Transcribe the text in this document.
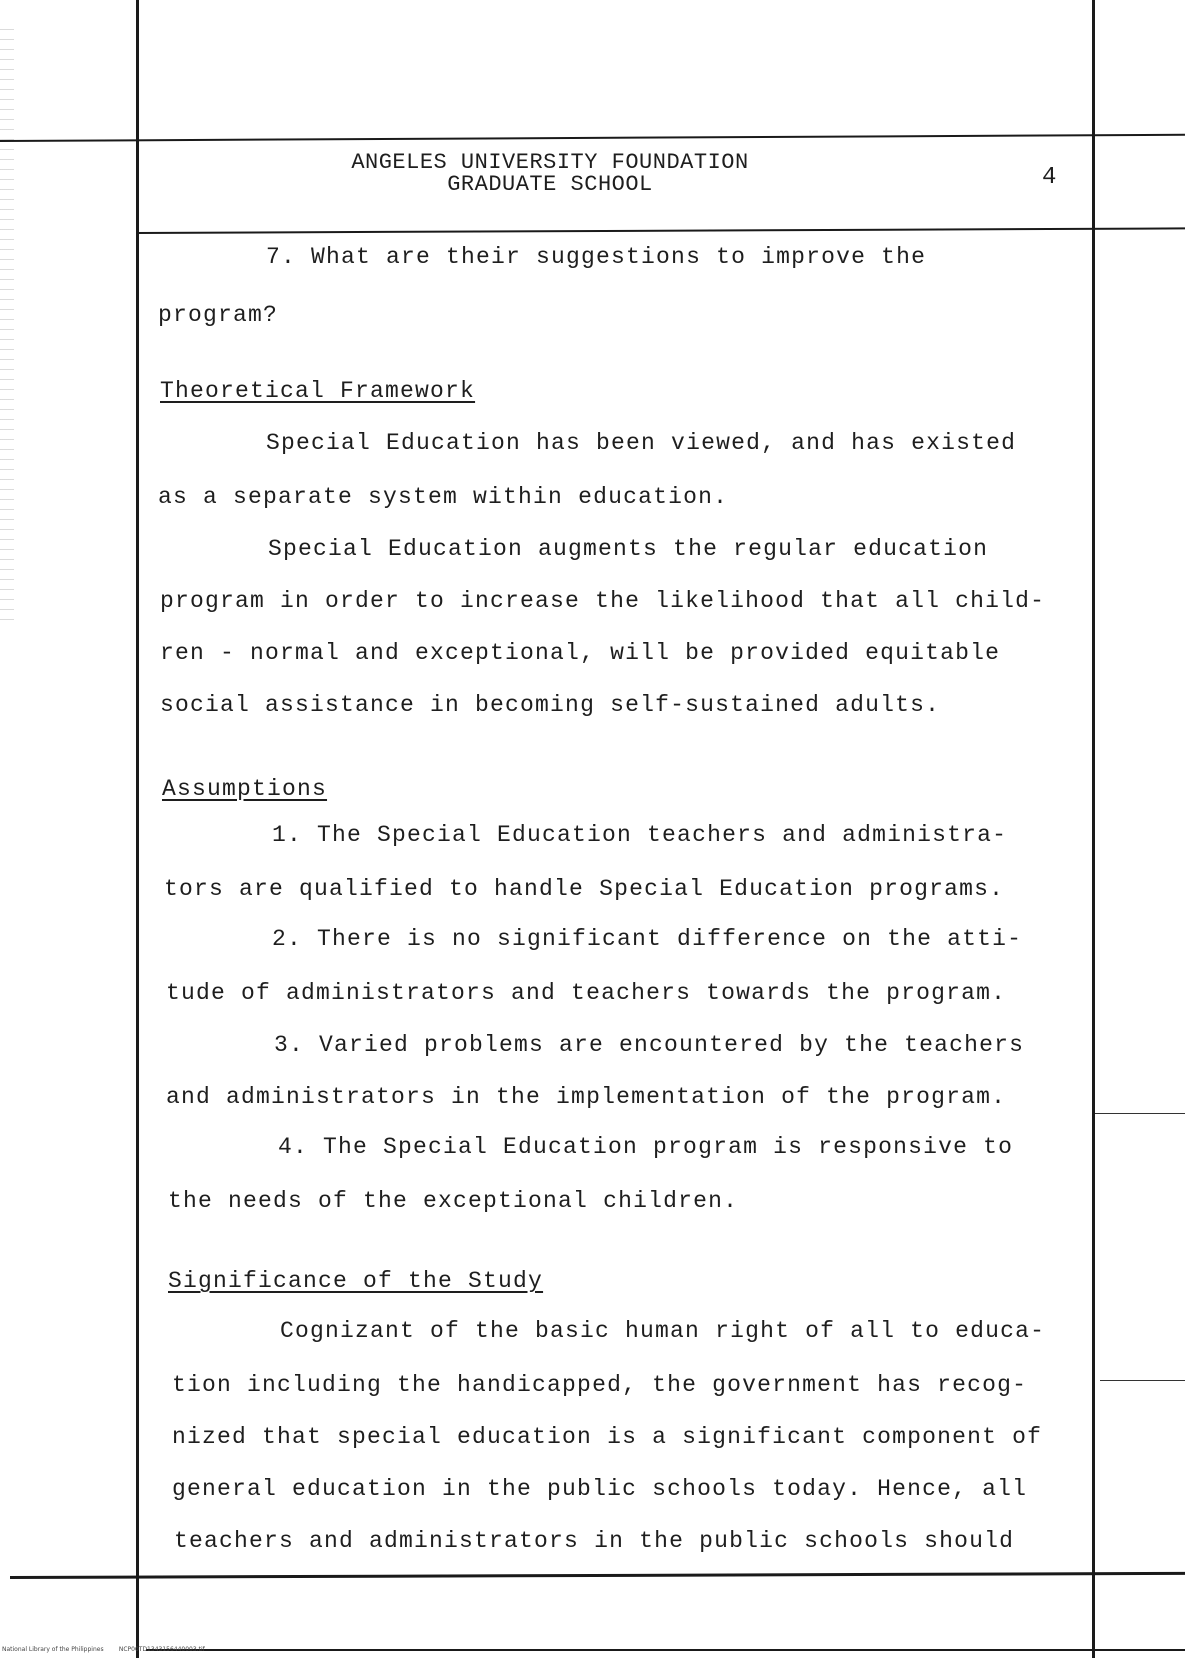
ANGELES UNIVERSITY FOUNDATION
GRADUATE SCHOOL	4
7. What are their suggestions to improve the
program?
Theoretical Framework
Special Education has been viewed, and has existed
as a separate system within education.
Special Education augments the regular education
program in order to increase the likelihood that all child-
ren - normal and exceptional, will be provided equitable
social assistance in becoming self-sustained adults.
Assumptions
1. The Special Education teachers and administra-
tors are qualified to handle Special Education programs.
2. There is no significant difference on the atti-
tude of administrators and teachers towards the program.
3. Varied problems are encountered by the teachers
and administrators in the implementation of the program.
4. The Special Education program is responsive to
the needs of the exceptional children.
Significance of the Study
Cognizant of the basic human right of all to educa-
tion including the handicapped, the government has recog-
nized that special education is a significant component of
general education in the public schools today. Hence, all
teachers and administrators in the public schools should
National Library of the Philippines	NCP00TD1343156440003.tif
